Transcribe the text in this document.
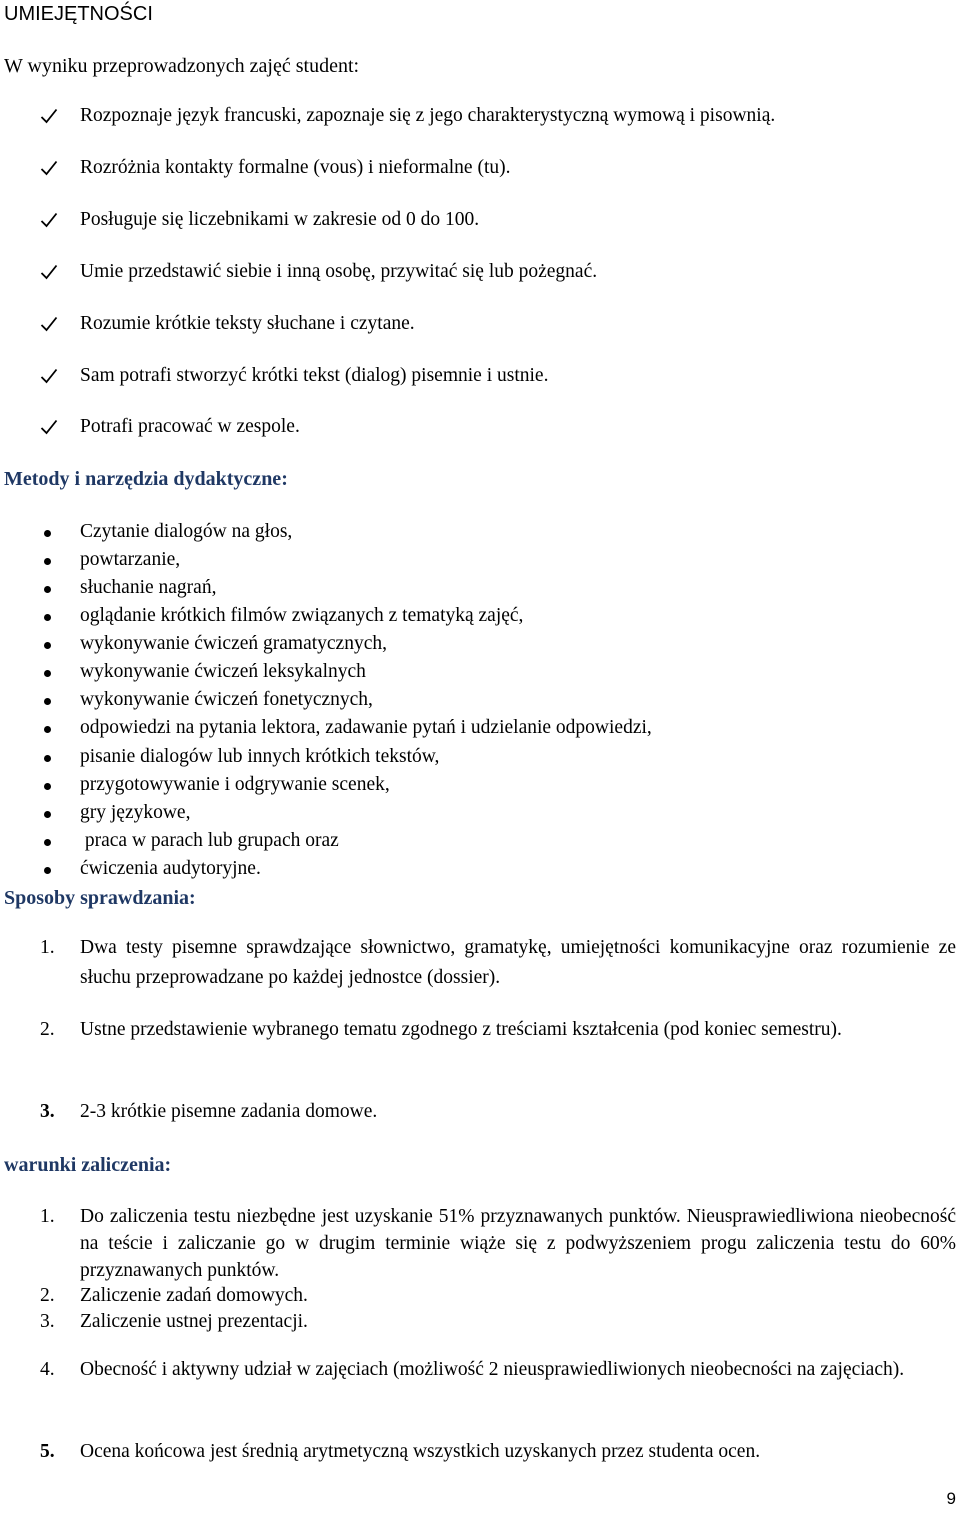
UMIEJĘTNOŚCI
W wyniku przeprowadzonych zajęć student:
Rozpoznaje język francuski, zapoznaje się z jego charakterystyczną wymową i pisownią.
Rozróżnia kontakty formalne (vous) i nieformalne (tu).
Posługuje się liczebnikami w zakresie od 0 do 100.
Umie przedstawić siebie i inną osobę, przywitać się lub pożegnać.
Rozumie krótkie teksty słuchane i czytane.
Sam potrafi stworzyć krótki tekst (dialog) pisemnie i ustnie.
Potrafi pracować w zespole.
Metody i narzędzia dydaktyczne:
Czytanie dialogów na głos,
powtarzanie,
słuchanie nagrań,
oglądanie krótkich filmów związanych z tematyką zajęć,
wykonywanie ćwiczeń gramatycznych,
wykonywanie ćwiczeń leksykalnych
wykonywanie ćwiczeń fonetycznych,
odpowiedzi na pytania lektora, zadawanie pytań i udzielanie odpowiedzi,
pisanie dialogów lub innych krótkich tekstów,
przygotowywanie i odgrywanie scenek,
gry językowe,
praca w parach lub grupach oraz
ćwiczenia audytoryjne.
Sposoby sprawdzania:
1. Dwa testy pisemne sprawdzające słownictwo, gramatykę, umiejętności komunikacyjne oraz rozumienie ze słuchu przeprowadzane po każdej jednostce (dossier).
2. Ustne przedstawienie wybranego tematu zgodnego z treściami kształcenia (pod koniec semestru).
3. 2-3 krótkie pisemne zadania domowe.
warunki zaliczenia:
1. Do zaliczenia testu niezbędne jest uzyskanie 51% przyznawanych punktów. Nieusprawiedliwiona nieobecność na teście i zaliczanie go w drugim terminie wiąże się z podwyższeniem progu zaliczenia testu do 60% przyznawanych punktów.
2. Zaliczenie zadań domowych.
3. Zaliczenie ustnej prezentacji.
4. Obecność i aktywny udział w zajęciach (możliwość 2 nieusprawiedliwionych nieobecności na zajęciach).
5. Ocena końcowa jest średnią arytmetyczną wszystkich uzyskanych przez studenta ocen.
9
